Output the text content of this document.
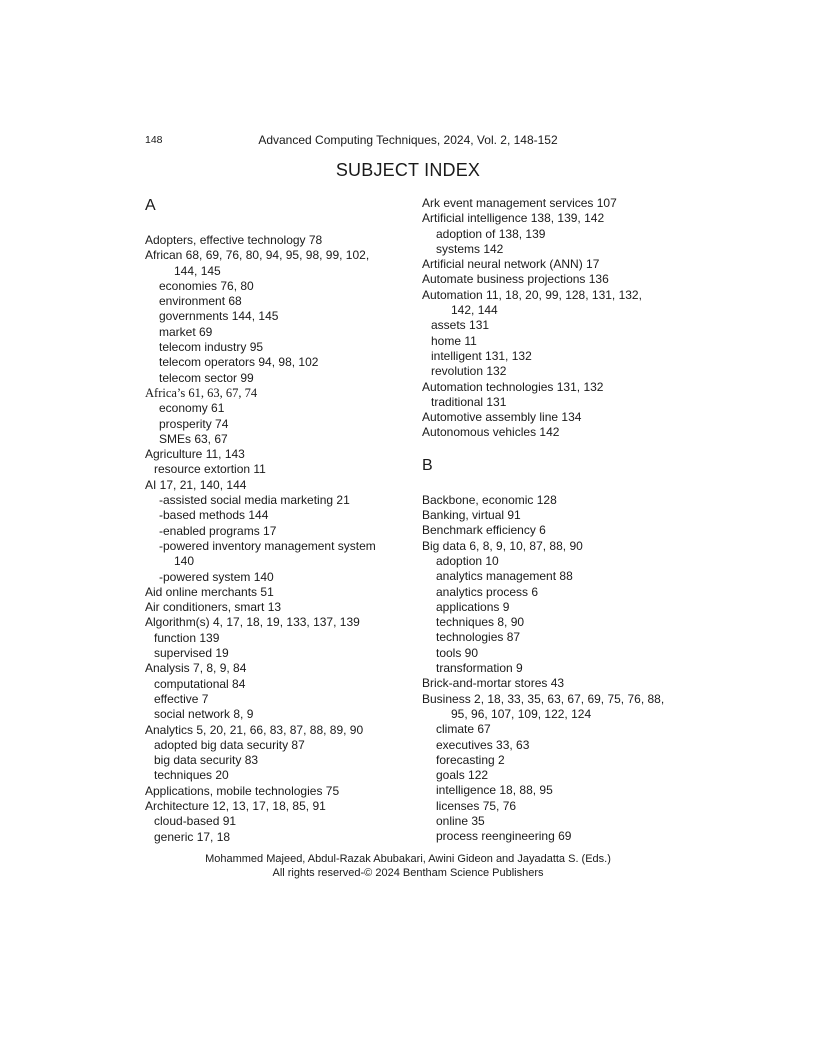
148	Advanced Computing Techniques, 2024, Vol. 2, 148-152
SUBJECT INDEX
A
Adopters, effective technology 78
African 68, 69, 76, 80, 94, 95, 98, 99, 102,
144, 145
economies 76, 80
environment 68
governments 144, 145
market 69
telecom industry 95
telecom operators 94, 98, 102
telecom sector 99
Africa’s 61, 63, 67, 74
economy 61
prosperity 74
SMEs 63, 67
Agriculture 11, 143
resource extortion 11
AI 17, 21, 140, 144
-assisted social media marketing 21
-based methods 144
-enabled programs 17
-powered inventory management system
140
-powered system 140
Aid online merchants 51
Air conditioners, smart 13
Algorithm(s) 4, 17, 18, 19, 133, 137, 139
function 139
supervised 19
Analysis 7, 8, 9, 84
computational 84
effective 7
social network 8, 9
Analytics 5, 20, 21, 66, 83, 87, 88, 89, 90
adopted big data security 87
big data security 83
techniques 20
Applications, mobile technologies 75
Architecture 12, 13, 17, 18, 85, 91
cloud-based 91
generic 17, 18
Ark event management services 107
Artificial intelligence 138, 139, 142
adoption of 138, 139
systems 142
Artificial neural network (ANN) 17
Automate business projections 136
Automation 11, 18, 20, 99, 128, 131, 132,
142, 144
assets 131
home 11
intelligent 131, 132
revolution 132
Automation technologies 131, 132
traditional 131
Automotive assembly line 134
Autonomous vehicles 142
B
Backbone, economic 128
Banking, virtual 91
Benchmark efficiency 6
Big data 6, 8, 9, 10, 87, 88, 90
adoption 10
analytics management 88
analytics process 6
applications 9
techniques 8, 90
technologies 87
tools 90
transformation 9
Brick-and-mortar stores 43
Business 2, 18, 33, 35, 63, 67, 69, 75, 76, 88,
95, 96, 107, 109, 122, 124
climate 67
executives 33, 63
forecasting 2
goals 122
intelligence 18, 88, 95
licenses 75, 76
online 35
process reengineering 69
Mohammed Majeed, Abdul-Razak Abubakari, Awini Gideon and Jayadatta S. (Eds.)
All rights reserved-© 2024 Bentham Science Publishers
